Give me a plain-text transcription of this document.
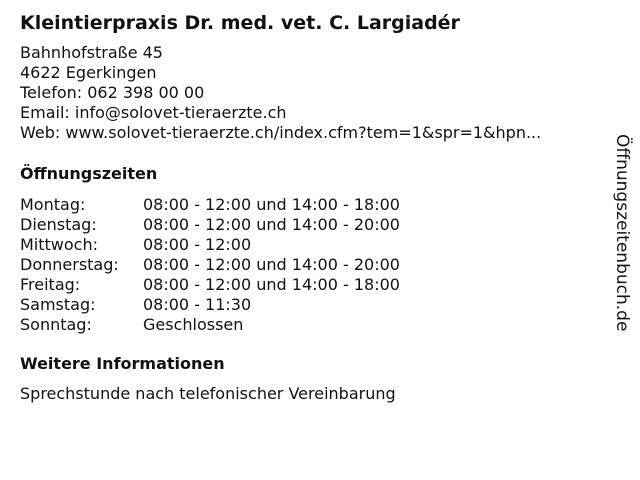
Kleintierpraxis Dr. med. vet. C. Largiadér
Bahnhofstraße 45
4622 Egerkingen
Telefon: 062 398 00 00
Email: info@solovet-tieraerzte.ch
Web: www.solovet-tieraerzte.ch/index.cfm?tem=1&spr=1&hpn...
Öffnungszeiten
Montag:	08:00 - 12:00 und 14:00 - 18:00
Dienstag:	08:00 - 12:00 und 14:00 - 20:00
Mittwoch:	08:00 - 12:00
Donnerstag: 08:00 - 12:00 und 14:00 - 20:00
Freitag:	08:00 - 12:00 und 14:00 - 18:00
Samstag:	08:00 - 11:30
Sonntag:	Geschlossen
Weitere Informationen
Sprechstunde nach telefonischer Vereinbarung
Öffnungszeitenbuch.de
